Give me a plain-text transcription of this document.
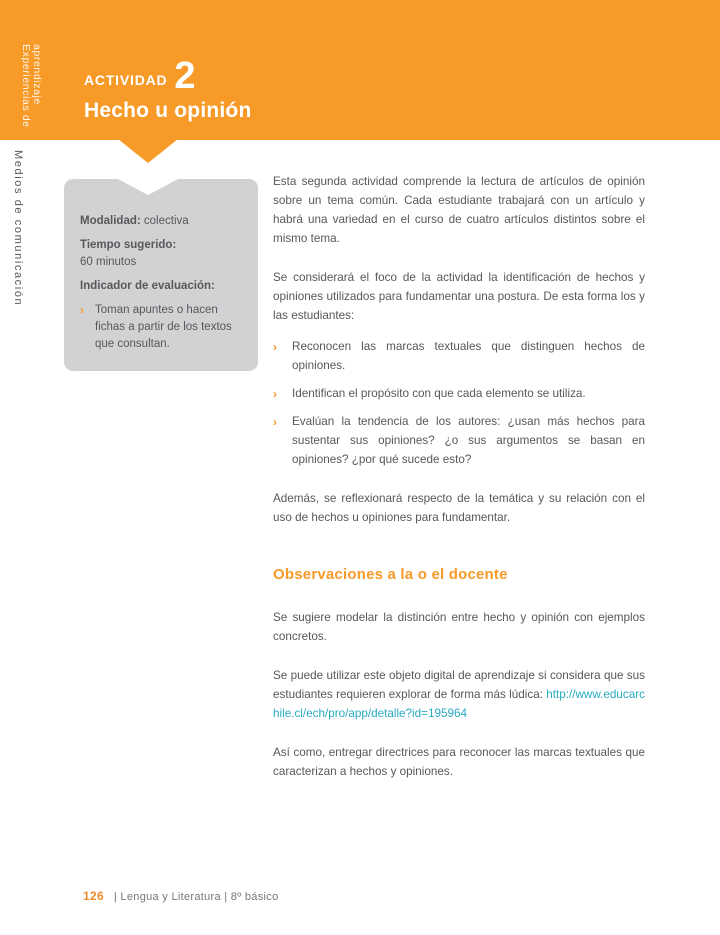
Experiencias de aprendizaje	ACTIVIDAD 2
Hecho u opinión
Medios de comunicación	Modalidad: colectiva

Tiempo sugerido:
60 minutos

Indicador de evaluación:

› Toman apuntes o hacen fichas a partir de los textos que consultan.

Esta segunda actividad comprende la lectura de artículos de opinión sobre un tema común. Cada estudiante trabajará con un artículo y habrá una variedad en el curso de cuatro artículos distintos sobre el mismo tema.

Se considerará el foco de la actividad la identificación de hechos y opiniones utilizados para fundamentar una postura. De esta forma los y las estudiantes:

› Reconocen las marcas textuales que distinguen hechos de opiniones.
› Identifican el propósito con que cada elemento se utiliza.
› Evalúan la tendencia de los autores: ¿usan más hechos para sustentar sus opiniones? ¿o sus argumentos se basan en opiniones? ¿por qué sucede esto?

Además, se reflexionará respecto de la temática y su relación con el uso de hechos u opiniones para fundamentar.

Observaciones a la o el docente

Se sugiere modelar la distinción entre hecho y opinión con ejemplos concretos.

Se puede utilizar este objeto digital de aprendizaje si considera que sus estudiantes requieren explorar de forma más lúdica: http://www.educarchile.cl/ech/pro/app/detalle?id=195964

Así como, entregar directrices para reconocer las marcas textuales que caracterizan a hechos y opiniones.

126 | Lengua y Literatura | 8º básico
